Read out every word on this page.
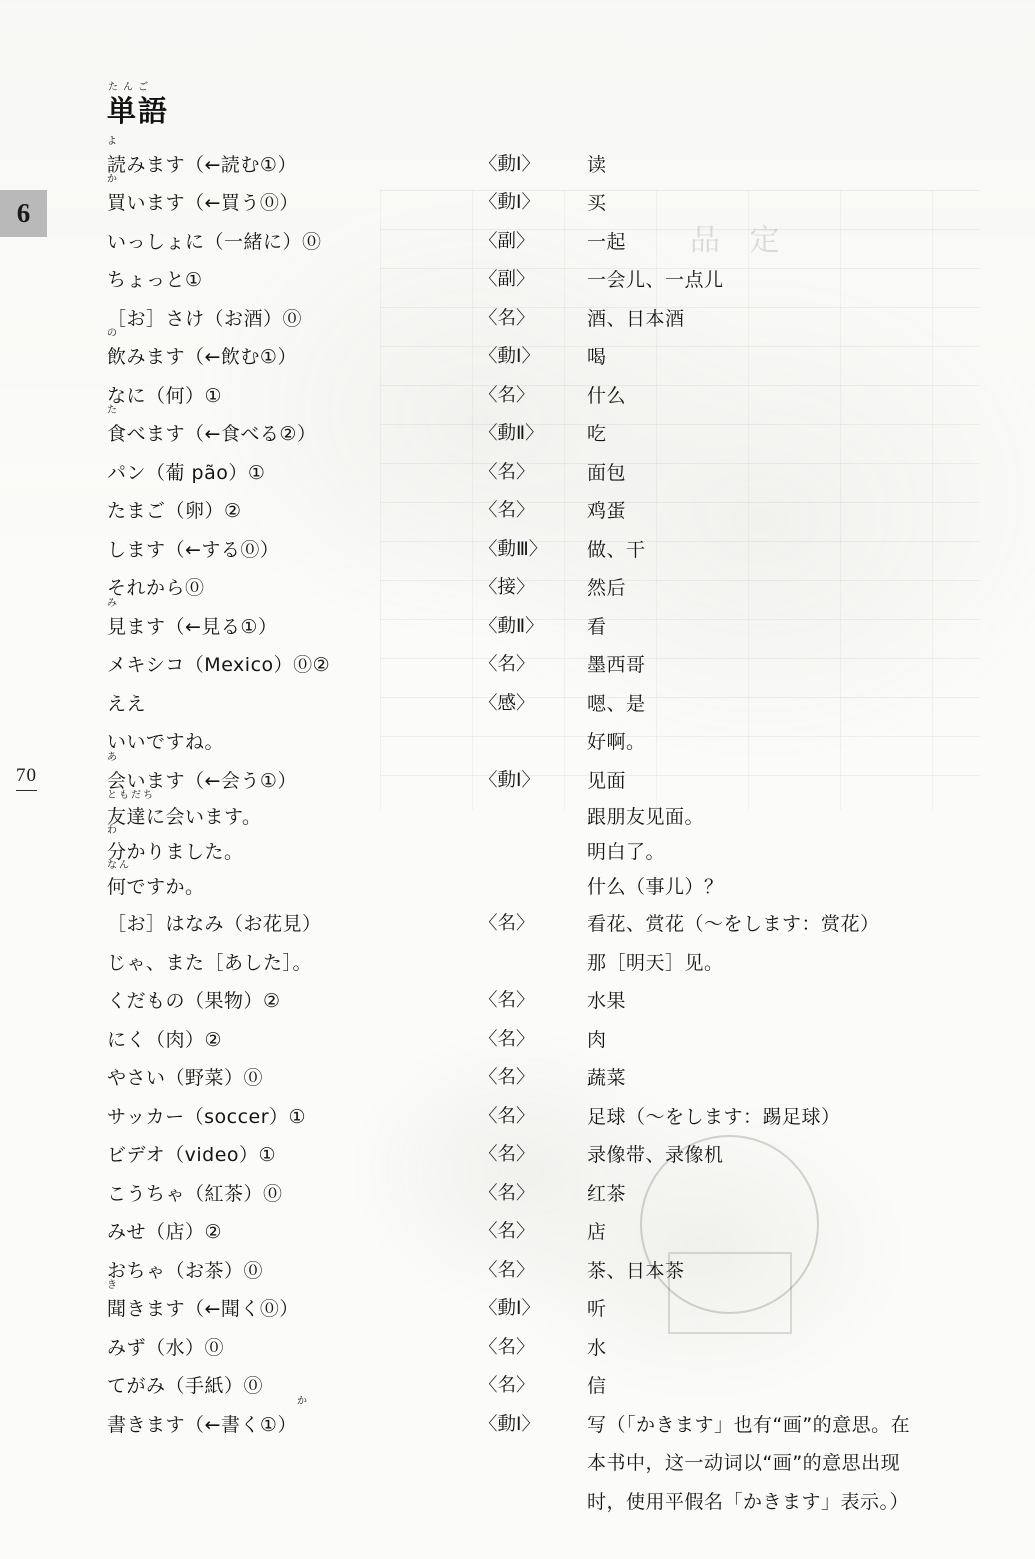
品 定
6
70
たんご
単語
よ
読みます（←読む①）	〈動Ⅰ〉	读

か
買います（←買う⓪）	〈動Ⅰ〉	买
いっしょに（一緒に）⓪	〈副〉	一起
ちょっと①	〈副〉	一会儿、一点儿
［お］さけ（お酒）⓪	〈名〉	酒、日本酒

の
飲みます（←飲む①）	〈動Ⅰ〉	喝
なに（何）①	〈名〉	什么

た
食べます（←食べる②）	〈動Ⅱ〉	吃
パン（葡 pão）①	〈名〉	面包
たまご（卵）②	〈名〉	鸡蛋
します（←する⓪）	〈動Ⅲ〉	做、干
それから⓪	〈接〉	然后

み
見ます（←見る①）	〈動Ⅱ〉	看
メキシコ（Mexico）⓪②	〈名〉	墨西哥
ええ	〈感〉	嗯、是
いいですね。		好啊。

あ
会います（←会う①）	〈動Ⅰ〉	见面

ともだち
友達に会います。		跟朋友见面。

わ
分かりました。		明白了。

なん
何ですか。		什么（事儿）？
［お］はなみ（お花見）	〈名〉	看花、赏花（～をします：赏花）
じゃ、また［あした］。		那［明天］见。
くだもの（果物）②	〈名〉	水果
にく（肉）②	〈名〉	肉
やさい（野菜）⓪	〈名〉	蔬菜
サッカー（soccer）①	〈名〉	足球（～をします：踢足球）
ビデオ（video）①	〈名〉	录像带、录像机
こうちゃ（紅茶）⓪	〈名〉	红茶
みせ（店）②	〈名〉	店
おちゃ（お茶）⓪	〈名〉	茶、日本茶

き
聞きます（←聞く⓪）	〈動Ⅰ〉	听
みず（水）⓪	〈名〉	水
てがみ（手紙）⓪	〈名〉	信

か
書きます（←書く①）	〈動Ⅰ〉	写（「かきます」也有“画”的意思。在
		本书中，这一动词以“画”的意思出现
		时，使用平假名「かきます」表示。）
